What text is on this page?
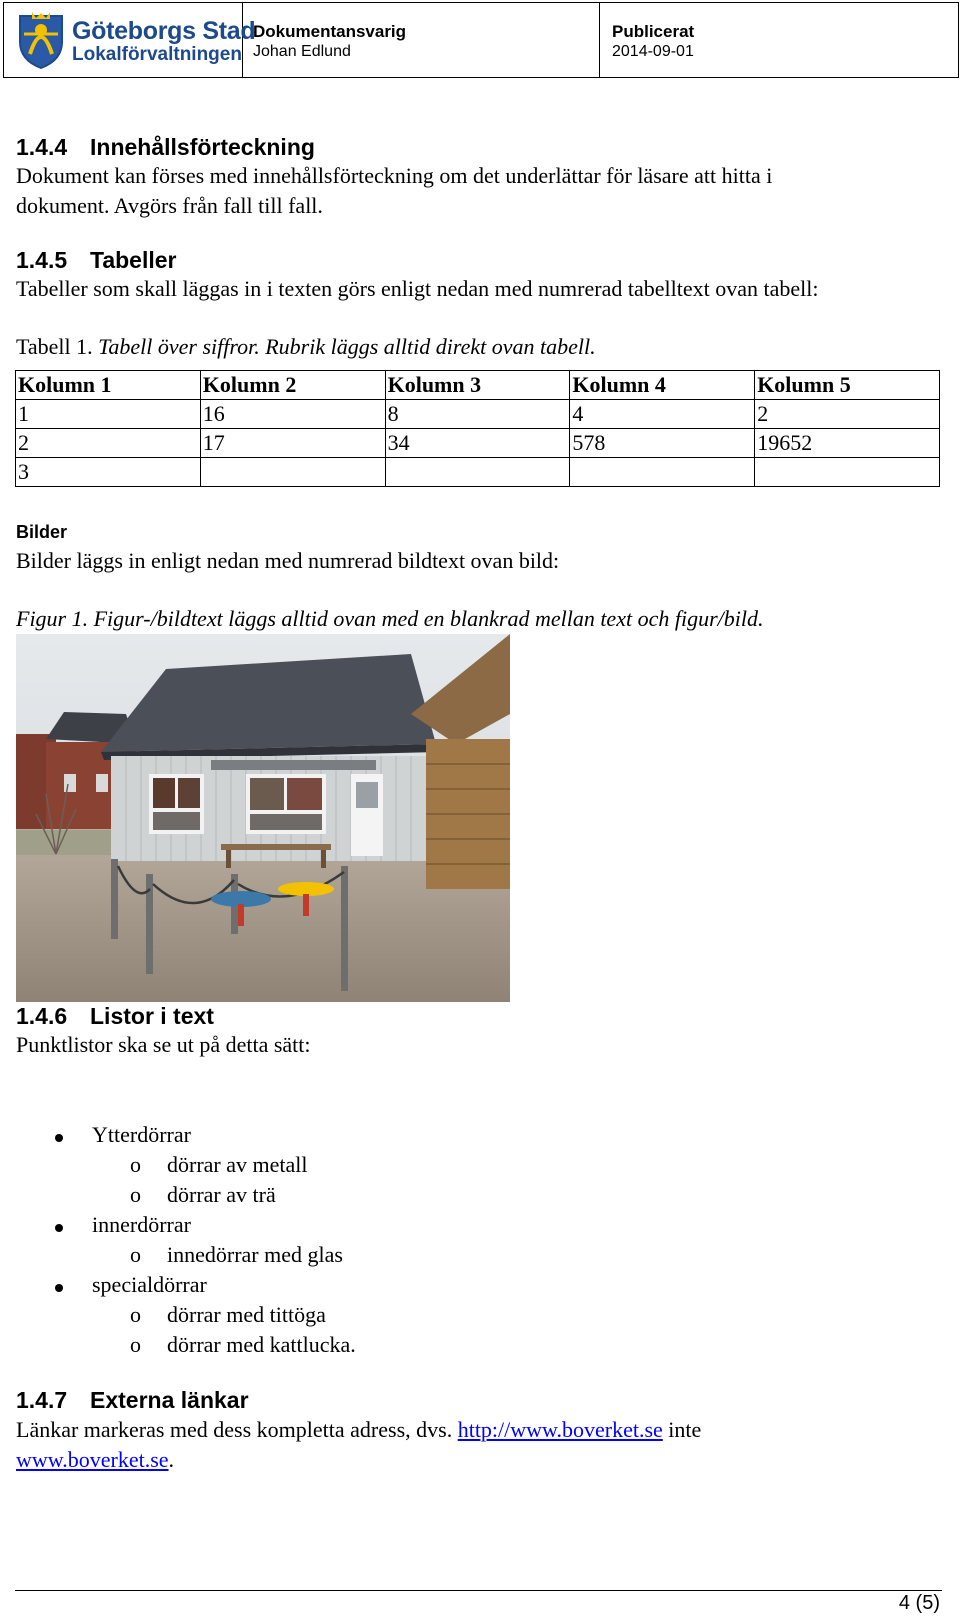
Göteborgs Stad
Lokalförvaltningen
Dokumentansvarig
Johan Edlund
Publicerat
2014-09-01
1.4.4 Innehållsförteckning
Dokument kan förses med innehållsförteckning om det underlättar för läsare att hitta i
dokument. Avgörs från fall till fall.
1.4.5 Tabeller
Tabeller som skall läggas in i texten görs enligt nedan med numrerad tabelltext ovan tabell:
Tabell 1. Tabell över siffror. Rubrik läggs alltid direkt ovan tabell.
Kolumn 1	Kolumn 2	Kolumn 3	Kolumn 4	Kolumn 5
1	16	8	4	2
2	17	34	578	19652
3				
Bilder
Bilder läggs in enligt nedan med numrerad bildtext ovan bild:
Figur 1. Figur-/bildtext läggs alltid ovan med en blankrad mellan text och figur/bild.
1.4.6 Listor i text
Punktlistor ska se ut på detta sätt:
Ytterdörrar
o dörrar av metall
o dörrar av trä
innerdörrar
o innedörrar med glas
specialdörrar
o dörrar med tittöga
o dörrar med kattlucka.
1.4.7 Externa länkar
Länkar markeras med dess kompletta adress, dvs. http://www.boverket.se inte
www.boverket.se.
4 (5)
